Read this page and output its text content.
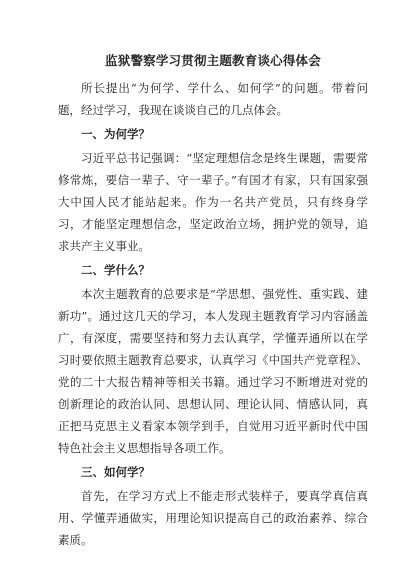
监狱警察学习贯彻主题教育谈心得体会

所长提出“为何学、学什么、如何学”的问题。带着问题，经过学习，我现在谈谈自己的几点体会。

一、为何学？

习近平总书记强调：“坚定理想信念是终生课题，需要常修常炼，要信一辈子、守一辈子。”有国才有家，只有国家强大中国人民才能站起来。作为一名共产党员，只有终身学习，才能坚定理想信念，坚定政治立场，拥护党的领导，追求共产主义事业。

二、学什么？

本次主题教育的总要求是“学思想、强党性、重实践、建新功”。通过这几天的学习，本人发现主题教育学习内容涵盖广，有深度，需要坚持和努力去认真学，学懂弄通所以在学习时要依照主题教育总要求，认真学习《中国共产党章程》、党的二十大报告精神等相关书籍。通过学习不断增进对党的创新理论的政治认同、思想认同、理论认同、情感认同，真正把马克思主义看家本领学到手，自觉用习近平新时代中国特色社会主义思想指导各项工作。

三、如何学？

首先，在学习方式上不能走形式装样子，要真学真信真用、学懂弄通做实，用理论知识提高自己的政治素养、综合素质。
